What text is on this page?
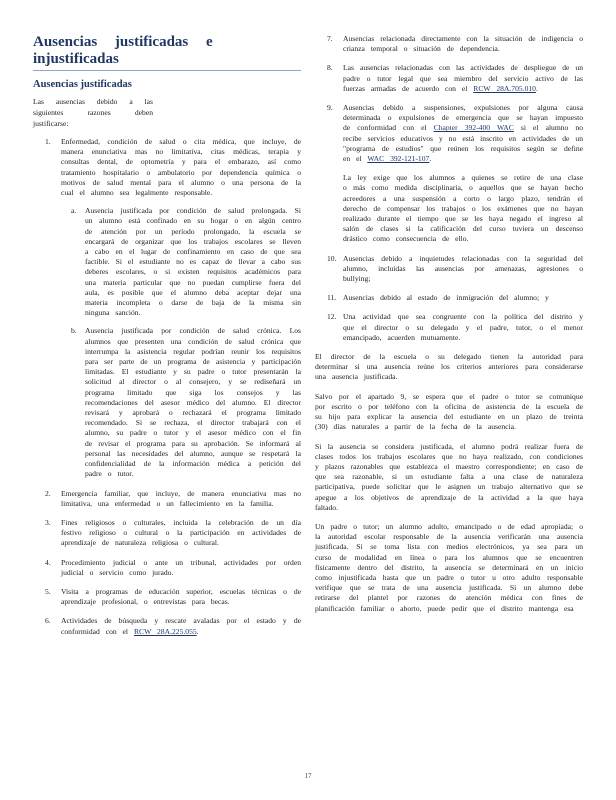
Ausencias justificadas e injustificadas
Ausencias justificadas

Las ausencias debido a las siguientes razones deben justificarse:

1. Enfermedad, condición de salud o cita médica, que incluye, de manera enunciativa mas no limitativa, citas médicas, terapia y consultas dental, de optometría y para el embarazo, así como tratamiento hospitalario o ambulatorio por dependencia química o motivos de salud mental para el alumno o una persona de la cual el alumno sea legalmente responsable.
a. Ausencia justificada por condición de salud prolongada. Si un alumno está confinado en su hogar o en algún centro de atención por un período prolongado, la escuela se encargará de organizar que los trabajos escolares se lleven a cabo en el lugar de confinamiento en caso de que sea factible. Si el estudiante no es capaz de llevar a cabo sus deberes escolares, o si existen requisitos académicos para una materia particular que no puedan cumplirse fuera del aula, es posible que el alumno deba aceptar dejar una materia incompleta o darse de baja de la misma sin ninguna sanción.
b. Ausencia justificada por condición de salud crónica. Los alumnos que presenten una condición de salud crónica que interrumpa la asistencia regular podrían reunir los requisitos para ser parte de un programa de asistencia y participación limitadas. El estudiante y su padre o tutor presentarán la solicitud al director o al consejero, y se rediseñará un programa limitado que siga los consejos y las recomendaciones del asesor médico del alumno. El director revisará y aprobará o rechazará el programa limitado recomendado. Si se rechaza, el director trabajará con el alumno, su padre o tutor y el asesor médico con el fin de revisar el programa para su aprobación. Se informará al personal las necesidades del alumno, aunque se respetará la confidencialidad de la información médica a petición del padre o tutor.
2. Emergencia familiar, que incluye, de manera enunciativa mas no limitativa, una enfermedad o un fallecimiento en la familia.
3. Fines religiosos o culturales, incluida la celebración de un día festivo religioso o cultural o la participación en actividades de aprendizaje de naturaleza religiosa o cultural.
4. Procedimiento judicial o ante un tribunal, actividades por orden judicial o servicio como jurado.
5. Visita a programas de educación superior, escuelas técnicas o de aprendizaje profesional, o entrevistas para becas.
6. Actividades de búsqueda y rescate avaladas por el estado y de conformidad con el RCW 28A.225.055.
7. Ausencias relacionada directamente con la situación de indigencia o crianza temporal o situación de dependencia.
8. Las ausencias relacionadas con las actividades de despliegue de un padre o tutor legal que sea miembro del servicio activo de las fuerzas armadas de acuerdo con el RCW 28A.705.010.
9. Ausencias debido a suspensiones, expulsiones por alguna causa determinada o expulsiones de emergencia que se hayan impuesto de conformidad con el Chapter 392-400 WAC si el alumno no recibe servicios educativos y no está inscrito en actividades de un "programa de estudios" que reúnen los requisitos según se define en el WAC 392-121-107.

La ley exige que los alumnos a quienes se retire de una clase o más como medida disciplinaria, o aquellos que se hayan hecho acreedores a una suspensión a corto o largo plazo, tendrán el derecho de compensar los trabajos o los exámenes que no hayan realizado durante el tiempo que se les haya negado el ingreso al salón de clases si la calificación del curso tuviera un descenso drástico como consecuencia de ello.

10. Ausencias debido a inquietudes relacionadas con la seguridad del alumno, incluidas las ausencias por amenazas, agresiones o bullying;
11. Ausencias debido al estado de inmigración del alumno; y
12. Una actividad que sea congruente con la política del distrito y que el director o su delegado y el padre, tutor, o el menor emancipado, acuerden mutuamente.

El director de la escuela o su delegado tienen la autoridad para determinar si una ausencia reúne los criterios anteriores para considerarse una ausencia justificada.

Salvo por el apartado 9, se espera que el padre o tutor se comunique por escrito o por teléfono con la oficina de asistencia de la escuela de su hijo para explicar la ausencia del estudiante en un plazo de treinta (30) días naturales a partir de la fecha de la ausencia.

Si la ausencia se considera justificada, el alumno podrá realizar fuera de clases todos los trabajos escolares que no haya realizado, con condiciones y plazos razonables que establezca el maestro correspondiente; en caso de que sea razonable, si un estudiante falta a una clase de naturaleza participativa, puede solicitar que le asignen un trabajo alternativo que se apegue a los objetivos de aprendizaje de la actividad a la que haya faltado.

Un padre o tutor; un alumno adulto, emancipado o de edad apropiada; o la autoridad escolar responsable de la ausencia verificarán una ausencia justificada. Si se toma lista con medios electrónicos, ya sea para un curso de modalidad en línea o para los alumnos que se encuentren físicamente dentro del distrito, la ausencia se determinará en un inicio como injustificada hasta que un padre o tutor u otro adulto responsable verifique que se trata de una ausencia justificada. Si un alumno debe retirarse del plantel por razones de atención médica con fines de planificación familiar o aborto, puede pedir que el distrito mantenga esa

17
